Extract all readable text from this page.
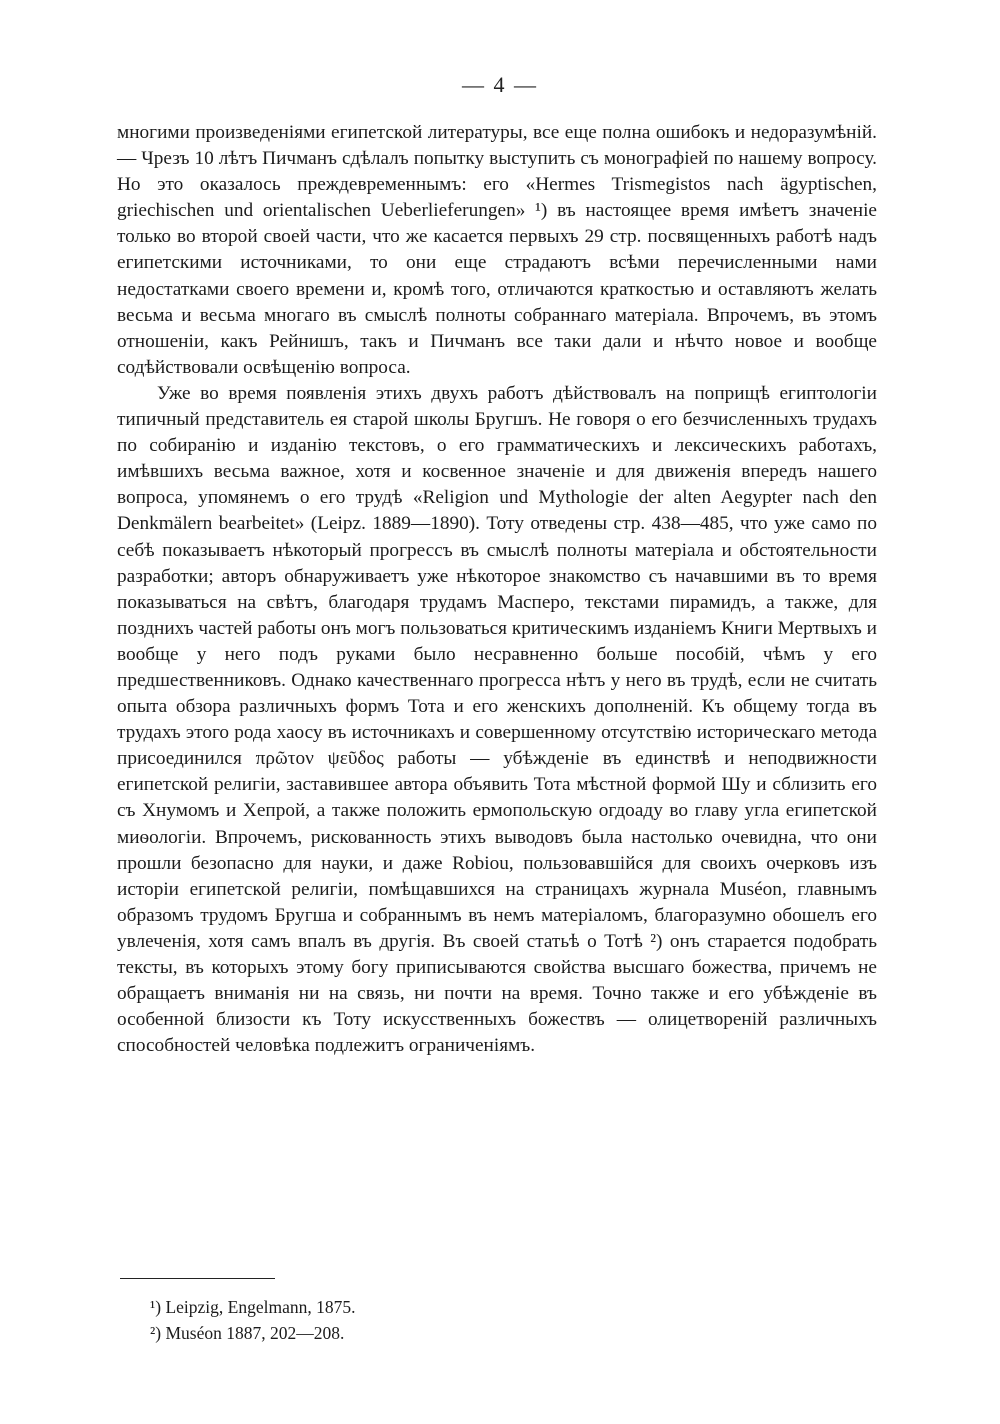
— 4 —

многими произведеніями египетской литературы, все еще полна ошибокъ и недоразумѣній. — Чрезъ 10 лѣтъ Пичманъ сдѣлалъ попытку выступить съ монографіей по нашему вопросу. Но это оказалось преждевременнымъ: его «Hermes Trismegistos nach ägyptischen, griechischen und orientalischen Ueberlieferungen» ¹) въ настоящее время имѣетъ значеніе только во второй своей части, что же касается первыхъ 29 стр. посвященныхъ работѣ надъ египетскими источниками, то они еще страдаютъ всѣми перечисленными нами недостатками своего времени и, кромѣ того, отличаются краткостью и оставляютъ желать весьма и весьма многаго въ смыслѣ полноты собраннаго матеріала. Впрочемъ, въ этомъ отношеніи, какъ Рейнишъ, такъ и Пичманъ все таки дали и нѣчто новое и вообще содѣйствовали освѣщенію вопроса.

Уже во время появленія этихъ двухъ работъ дѣйствовалъ на поприщѣ египтологіи типичный представитель ея старой школы Бругшъ. Не говоря о его безчисленныхъ трудахъ по собиранію и изданію текстовъ, о его грамматическихъ и лексическихъ работахъ, имѣвшихъ весьма важное, хотя и косвенное значеніе и для движенія впередъ нашего вопроса, упомянемъ о его трудѣ «Religion und Mythologie der alten Aegypter nach den Denkmälern bearbeitet» (Leipz. 1889—1890). Тоту отведены стр. 438—485, что уже само по себѣ показываетъ нѣкоторый прогрессъ въ смыслѣ полноты матеріала и обстоятельности разработки; авторъ обнаруживаетъ уже нѣкоторое знакомство съ начавшими въ то время показываться на свѣтъ, благодаря трудамъ Масперо, текстами пирамидъ, а также, для позднихъ частей работы онъ могъ пользоваться критическимъ изданіемъ Книги Мертвыхъ и вообще у него подъ руками было несравненно больше пособій, чѣмъ у его предшественниковъ. Однако качественнаго прогресса нѣтъ у него въ трудѣ, если не считать опыта обзора различныхъ формъ Тота и его женскихъ дополненій. Къ общему тогда въ трудахъ этого рода хаосу въ источникахъ и совершенному отсутствію историческаго метода присоединился πρῶτον ψεῦδος работы — убѣжденіе въ единствѣ и неподвижности египетской религіи, заставившее автора объявить Тота мѣстной формой Шу и сблизить его съ Хнумомъ и Хепрой, а также положить ермопольскую огдоаду во главу угла египетской миѳологіи. Впрочемъ, рискованность этихъ выводовъ была настолько очевидна, что они прошли безопасно для науки, и даже Robiou, пользовавшійся для своихъ очерковъ изъ исторіи египетской религіи, помѣщавшихся на страницахъ журнала Muséon, главнымъ образомъ трудомъ Бругша и собраннымъ въ немъ матеріаломъ, благоразумно обошелъ его увлеченія, хотя самъ впалъ въ другія. Въ своей статьѣ о Тотѣ ²) онъ старается подобрать тексты, въ которыхъ этому богу приписываются свойства высшаго божества, причемъ не обращаетъ вниманія ни на связь, ни почти на время. Точно также и его убѣжденіе въ особенной близости къ Тоту искусственныхъ божествъ — олицетвореній различныхъ способностей человѣка подлежитъ ограниченіямъ.

¹) Leipzig, Engelmann, 1875.
²) Muséon 1887, 202—208.
